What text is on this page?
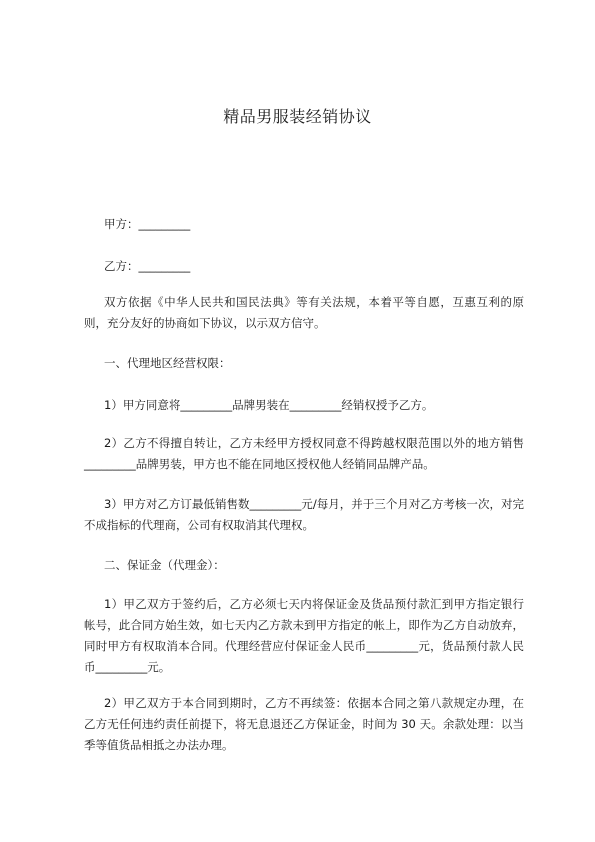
精品男服装经销协议
甲方：_________
乙方：_________
双方依据《中华人民共和国民法典》等有关法规，本着平等自愿，互惠互利的原则，充分友好的协商如下协议，以示双方信守。
一、代理地区经营权限：
1）甲方同意将_________品牌男装在_________经销权授予乙方。
2）乙方不得擅自转让，乙方未经甲方授权同意不得跨越权限范围以外的地方销售_________品牌男装，甲方也不能在同地区授权他人经销同品牌产品。
3）甲方对乙方订最低销售数_________元/每月，并于三个月对乙方考核一次，对完不成指标的代理商，公司有权取消其代理权。
二、保证金（代理金）：
1）甲乙双方于签约后，乙方必须七天内将保证金及货品预付款汇到甲方指定银行帐号，此合同方始生效，如七天内乙方款未到甲方指定的帐上，即作为乙方自动放弃，同时甲方有权取消本合同。代理经营应付保证金人民币_________元，货品预付款人民币_________元。
2）甲乙双方于本合同到期时，乙方不再续签：依据本合同之第八款规定办理，在乙方无任何违约责任前提下，将无息退还乙方保证金，时间为 30 天。余款处理：以当季等值货品相抵之办法办理。
